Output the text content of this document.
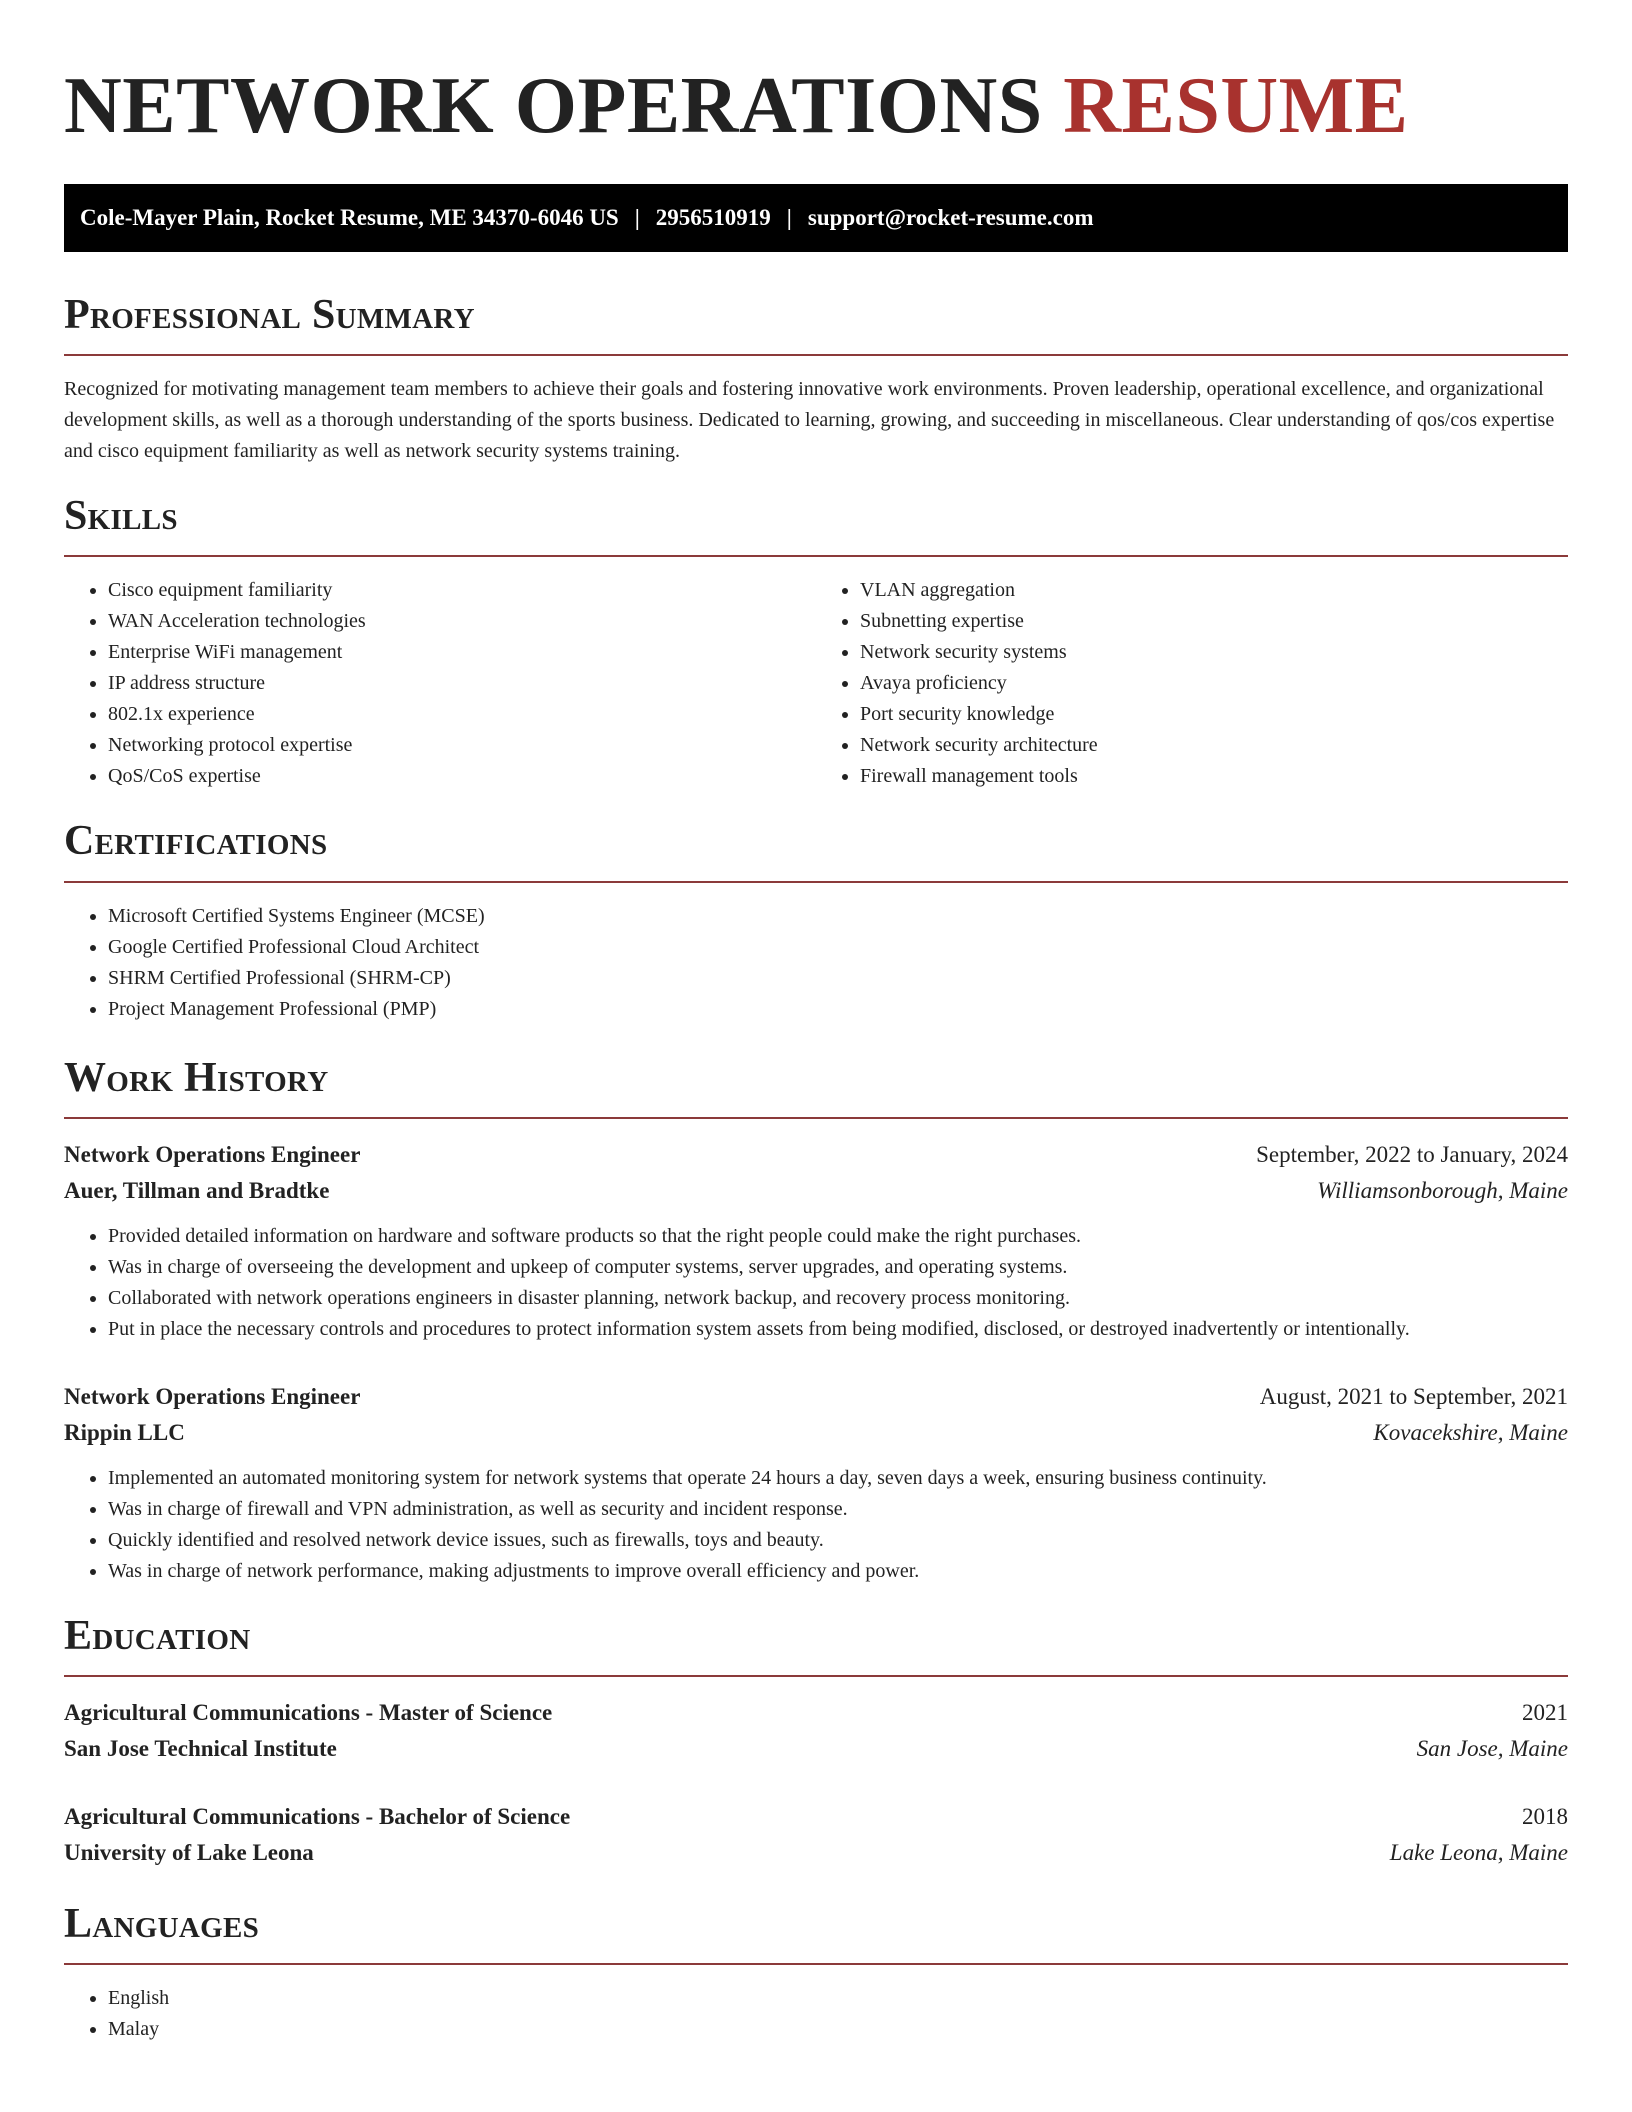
NETWORK OPERATIONS RESUME
Cole-Mayer Plain, Rocket Resume, ME 34370-6046 US | 2956510919 | support@rocket-resume.com
Professional Summary

Recognized for motivating management team members to achieve their goals and fostering innovative work environments. Proven leadership, operational excellence, and organizational development skills, as well as a thorough understanding of the sports business. Dedicated to learning, growing, and succeeding in miscellaneous. Clear understanding of qos/cos expertise and cisco equipment familiarity as well as network security systems training.

Skills
• Cisco equipment familiarity
• WAN Acceleration technologies
• Enterprise WiFi management
• IP address structure
• 802.1x experience
• Networking protocol expertise
• QoS/CoS expertise
• VLAN aggregation
• Subnetting expertise
• Network security systems
• Avaya proficiency
• Port security knowledge
• Network security architecture
• Firewall management tools
Certifications
• Microsoft Certified Systems Engineer (MCSE)
• Google Certified Professional Cloud Architect
• SHRM Certified Professional (SHRM-CP)
• Project Management Professional (PMP)
Work History
Network Operations Engineer	September, 2022 to January, 2024
Auer, Tillman and Bradtke	Williamsonborough, Maine
• Provided detailed information on hardware and software products so that the right people could make the right purchases.
• Was in charge of overseeing the development and upkeep of computer systems, server upgrades, and operating systems.
• Collaborated with network operations engineers in disaster planning, network backup, and recovery process monitoring.
• Put in place the necessary controls and procedures to protect information system assets from being modified, disclosed, or destroyed inadvertently or intentionally.
Network Operations Engineer	August, 2021 to September, 2021
Rippin LLC	Kovacekshire, Maine
• Implemented an automated monitoring system for network systems that operate 24 hours a day, seven days a week, ensuring business continuity.
• Was in charge of firewall and VPN administration, as well as security and incident response.
• Quickly identified and resolved network device issues, such as firewalls, toys and beauty.
• Was in charge of network performance, making adjustments to improve overall efficiency and power.
Education
Agricultural Communications - Master of Science	2021
San Jose Technical Institute	San Jose, Maine
Agricultural Communications - Bachelor of Science	2018
University of Lake Leona	Lake Leona, Maine
Languages
• English
• Malay
